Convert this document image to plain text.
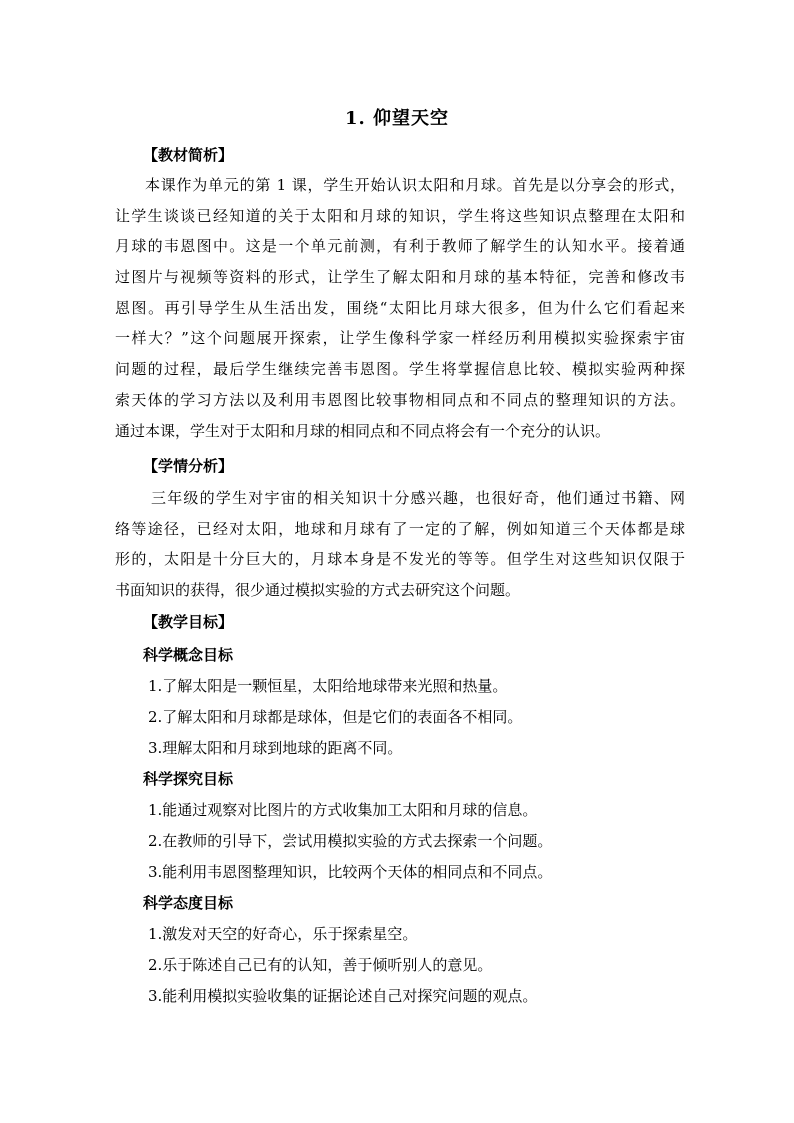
1. 仰望天空
【教材简析】
本课作为单元的第 1 课，学生开始认识太阳和月球。首先是以分享会的形式，
让学生谈谈已经知道的关于太阳和月球的知识，学生将这些知识点整理在太阳和
月球的韦恩图中。这是一个单元前测，有利于教师了解学生的认知水平。接着通
过图片与视频等资料的形式，让学生了解太阳和月球的基本特征，完善和修改韦
恩图。再引导学生从生活出发，围绕“太阳比月球大很多，但为什么它们看起来
一样大？”这个问题展开探索，让学生像科学家一样经历利用模拟实验探索宇宙
问题的过程，最后学生继续完善韦恩图。学生将掌握信息比较、模拟实验两种探
索天体的学习方法以及利用韦恩图比较事物相同点和不同点的整理知识的方法。
通过本课，学生对于太阳和月球的相同点和不同点将会有一个充分的认识。
【学情分析】
三年级的学生对宇宙的相关知识十分感兴趣，也很好奇，他们通过书籍、网
络等途径，已经对太阳，地球和月球有了一定的了解，例如知道三个天体都是球
形的，太阳是十分巨大的，月球本身是不发光的等等。但学生对这些知识仅限于
书面知识的获得，很少通过模拟实验的方式去研究这个问题。
【教学目标】
科学概念目标
1.了解太阳是一颗恒星，太阳给地球带来光照和热量。
2.了解太阳和月球都是球体，但是它们的表面各不相同。
3.理解太阳和月球到地球的距离不同。
科学探究目标
1.能通过观察对比图片的方式收集加工太阳和月球的信息。
2.在教师的引导下，尝试用模拟实验的方式去探索一个问题。
3.能利用韦恩图整理知识，比较两个天体的相同点和不同点。
科学态度目标
1.激发对天空的好奇心，乐于探索星空。
2.乐于陈述自己已有的认知，善于倾听别人的意见。
3.能利用模拟实验收集的证据论述自己对探究问题的观点。
